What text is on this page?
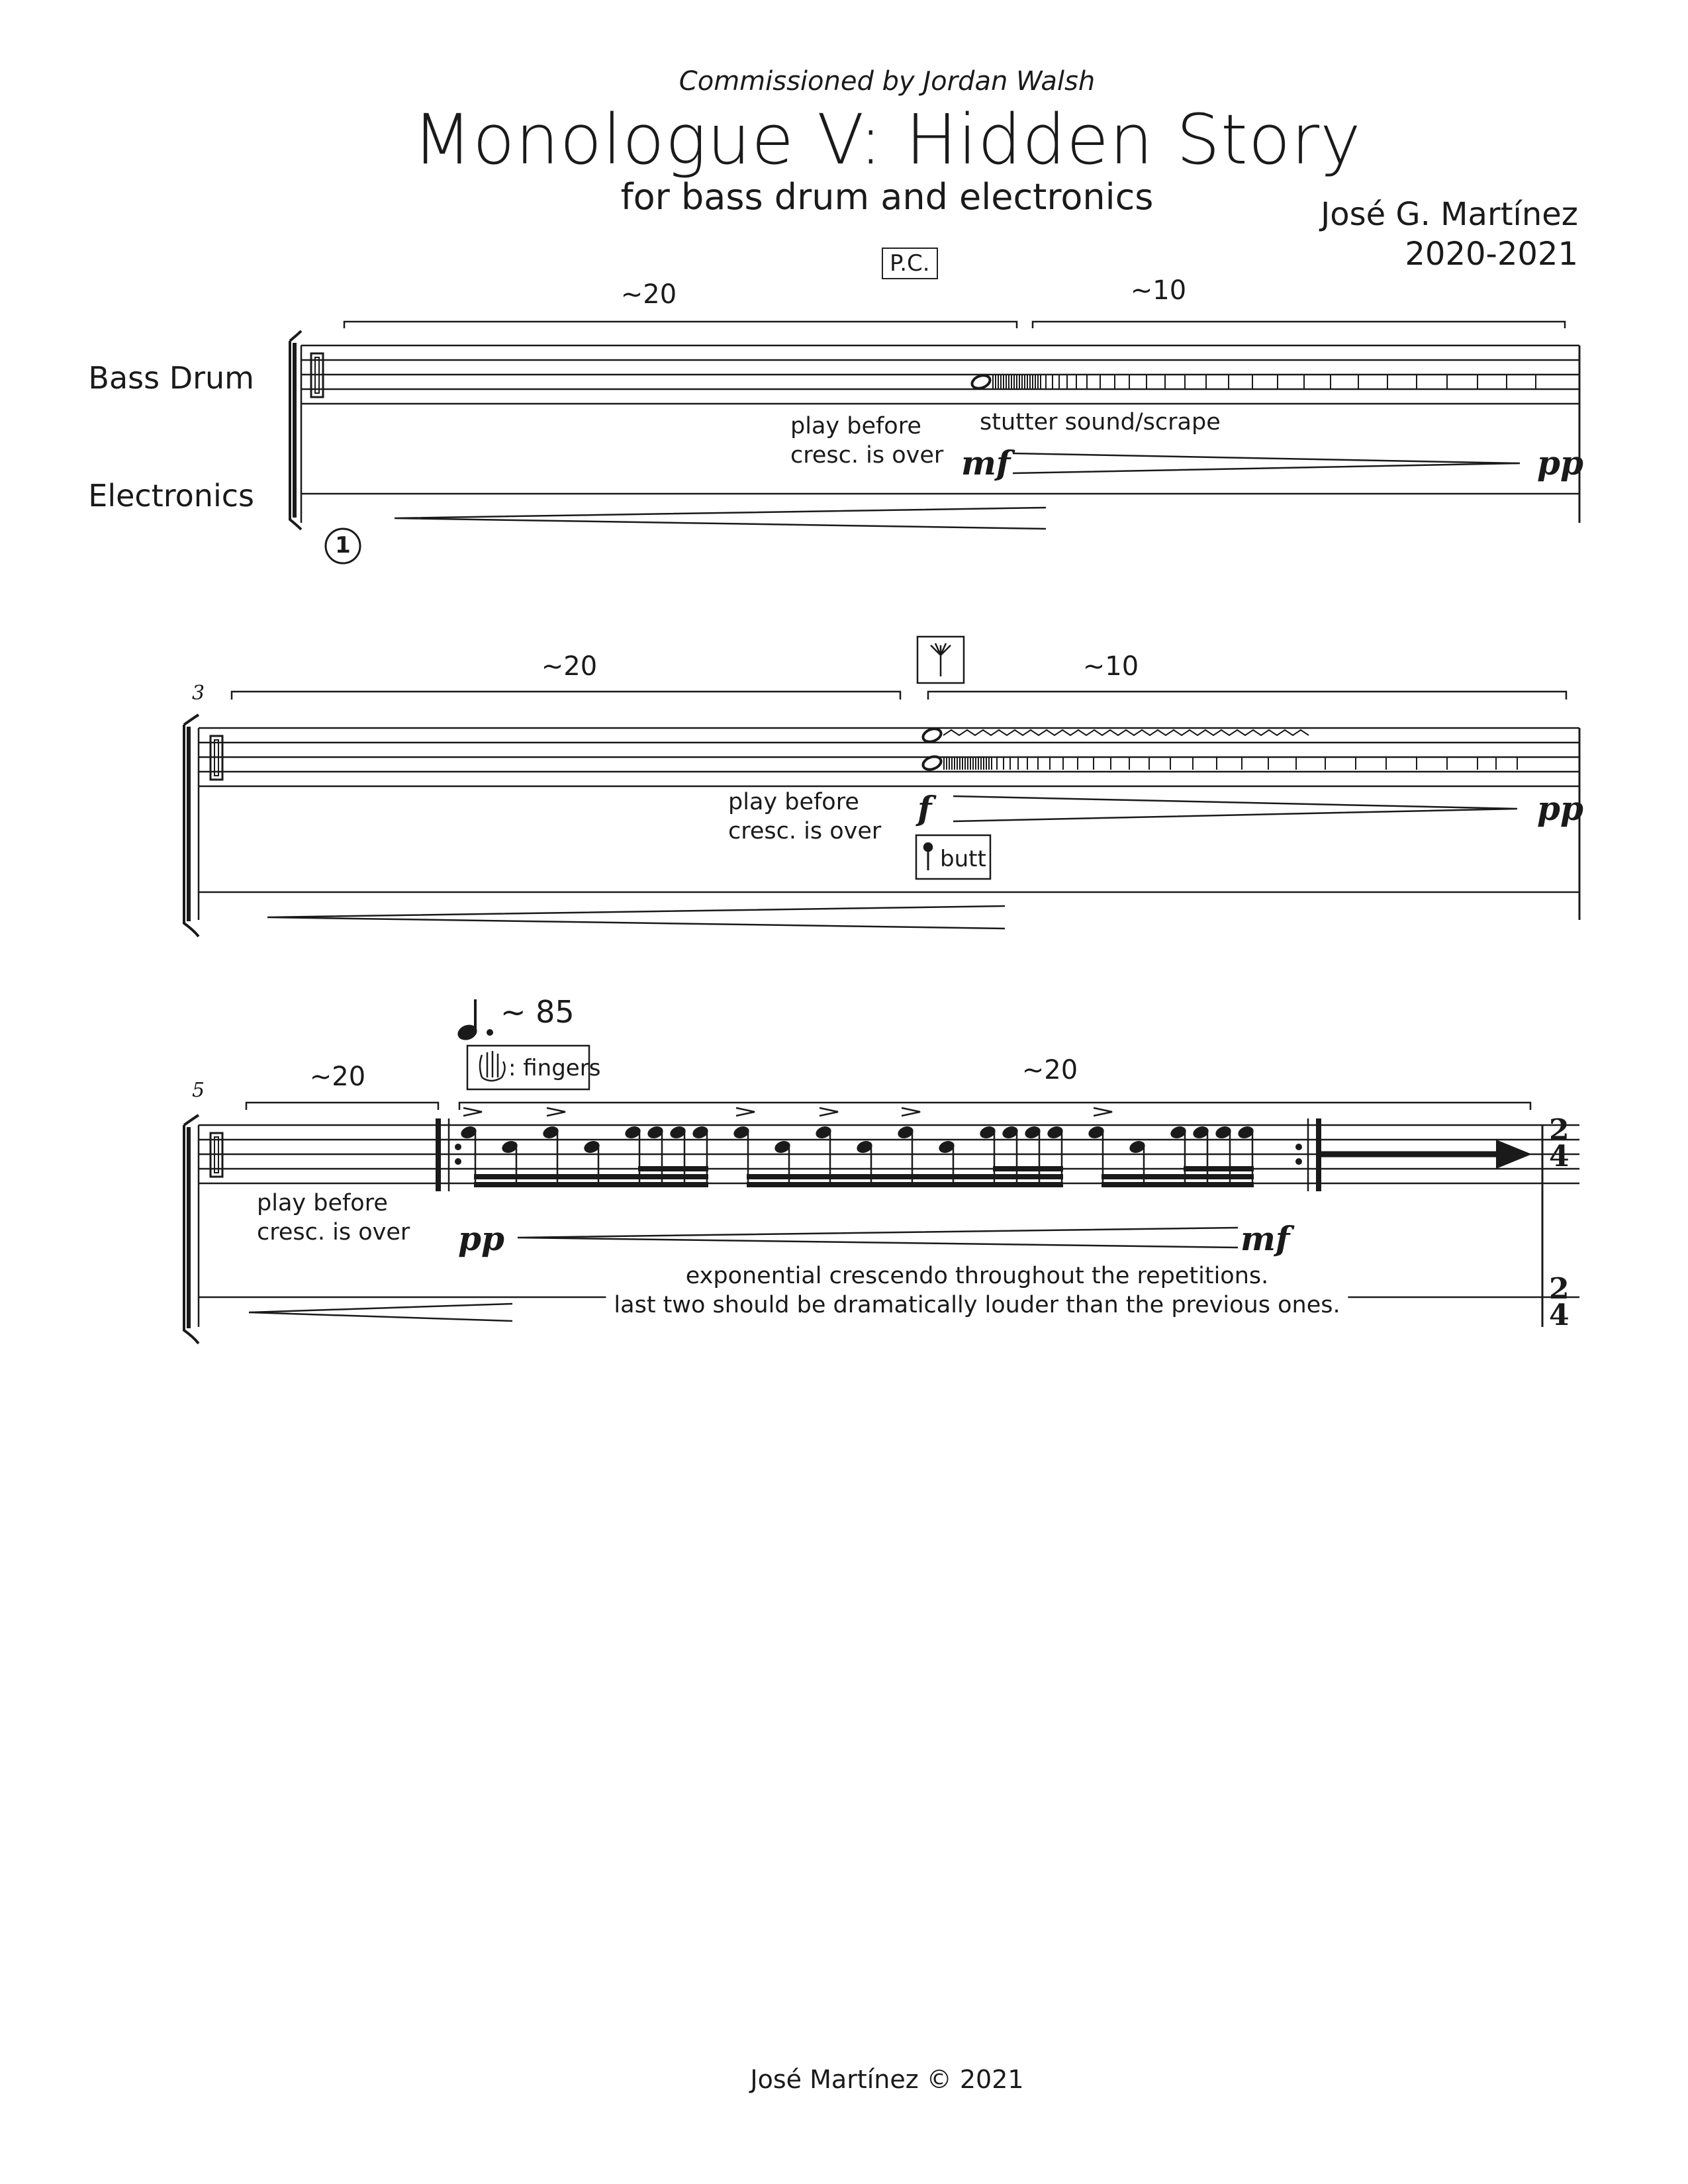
Commissioned by Jordan Walsh
Monologue V: Hidden Story
for bass drum and electronics	José G. Martínez
2020-2021
Bass Drum
Electronics
~20	~10
P.C.
play before
cresc. is over
stutter sound/scrape
mf	pp
1
3
~20	~10
play before
cresc. is over
f	pp
butt
5
~ 85
~20	~20
: fingers
play before
cresc. is over pp	mf
exponential crescendo throughout the repetitions.
last two should be dramatically louder than the previous ones.
2
4
2
4
José Martínez © 2021
